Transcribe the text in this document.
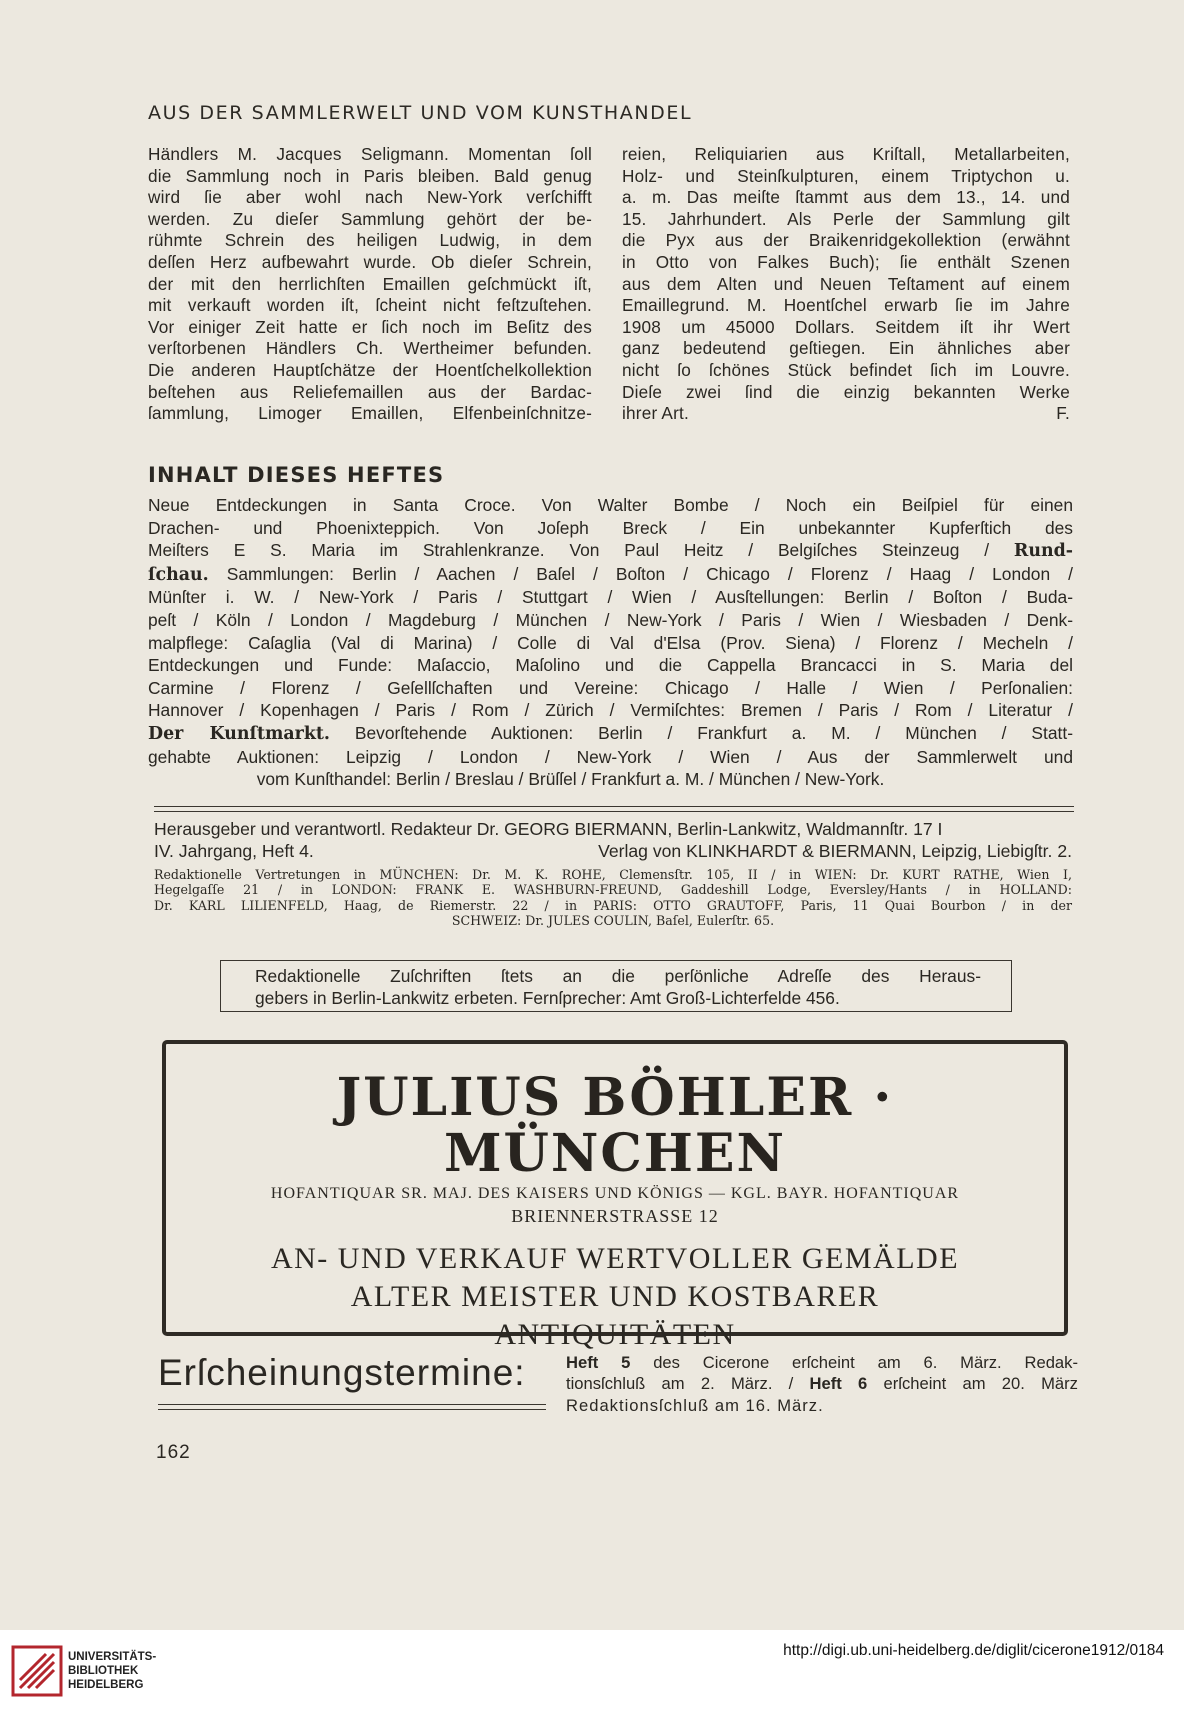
AUS DER SAMMLERWELT UND VOM KUNSTHANDEL
Händlers M. Jacques Seligmann. Momentan ſoll
die Sammlung noch in Paris bleiben. Bald genug
wird ſie aber wohl nach New-York verſchifft
werden. Zu dieſer Sammlung gehört der be-
rühmte Schrein des heiligen Ludwig, in dem
deſſen Herz aufbewahrt wurde. Ob dieſer Schrein,
der mit den herrlichſten Emaillen geſchmückt iſt,
mit verkauft worden iſt, ſcheint nicht feſtzuſtehen.
Vor einiger Zeit hatte er ſich noch im Beſitz des
verſtorbenen Händlers Ch. Wertheimer befunden.
Die anderen Hauptſchätze der Hoentſchelkollektion
beſtehen aus Reliefemaillen aus der Bardac-
ſammlung, Limoger Emaillen, Elfenbeinſchnitze-
reien, Reliquiarien aus Kriſtall, Metallarbeiten,
Holz- und Steinſkulpturen, einem Triptychon u.
a. m. Das meiſte ſtammt aus dem 13., 14. und
15. Jahrhundert. Als Perle der Sammlung gilt
die Pyx aus der Braikenridgekollektion (erwähnt
in Otto von Falkes Buch); ſie enthält Szenen
aus dem Alten und Neuen Teſtament auf einem
Emaillegrund. M. Hoentſchel erwarb ſie im Jahre
1908 um 45000 Dollars. Seitdem iſt ihr Wert
ganz bedeutend geſtiegen. Ein ähnliches aber
nicht ſo ſchönes Stück befindet ſich im Louvre.
Dieſe zwei ſind die einzig bekannten Werke
ihrer Art.	F.
INHALT DIESES HEFTES
Neue Entdeckungen in Santa Croce. Von Walter Bombe / Noch ein Beiſpiel für einen
Drachen- und Phoenixteppich. Von Joſeph Breck / Ein unbekannter Kupferſtich des
Meiſters E S. Maria im Strahlenkranze. Von Paul Heitz / Belgiſches Steinzeug / Rund-
ſchau. Sammlungen: Berlin / Aachen / Baſel / Boſton / Chicago / Florenz / Haag / London /
Münſter i. W. / New-York / Paris / Stuttgart / Wien / Ausſtellungen: Berlin / Boſton / Buda-
peſt / Köln / London / Magdeburg / München / New-York / Paris / Wien / Wiesbaden / Denk-
malpflege: Caſaglia (Val di Marina) / Colle di Val d'Elsa (Prov. Siena) / Florenz / Mecheln /
Entdeckungen und Funde: Maſaccio, Maſolino und die Cappella Brancacci in S. Maria del
Carmine / Florenz / Geſellſchaften und Vereine: Chicago / Halle / Wien / Perſonalien:
Hannover / Kopenhagen / Paris / Rom / Zürich / Vermiſchtes: Bremen / Paris / Rom / Literatur /
Der Kunſtmarkt. Bevorſtehende Auktionen: Berlin / Frankfurt a. M. / München / Statt-
gehabte Auktionen: Leipzig / London / New-York / Wien / Aus der Sammlerwelt und
vom Kunſthandel: Berlin / Breslau / Brüſſel / Frankfurt a. M. / München / New-York.
Herausgeber und verantwortl. Redakteur Dr. GEORG BIERMANN, Berlin-Lankwitz, Waldmannſtr. 17 I
IV. Jahrgang, Heft 4.	Verlag von KLINKHARDT & BIERMANN, Leipzig, Liebigſtr. 2.
Redaktionelle Vertretungen in MÜNCHEN: Dr. M. K. ROHE, Clemensſtr. 105, II / in WIEN: Dr. KURT RATHE, Wien I,
Hegelgaſſe 21 / in LONDON: FRANK E. WASHBURN-FREUND, Gaddeshill Lodge, Eversley/Hants / in HOLLAND:
Dr. KARL LILIENFELD, Haag, de Riemerstr. 22 / in PARIS: OTTO GRAUTOFF, Paris, 11 Quai Bourbon / in der
SCHWEIZ: Dr. JULES COULIN, Baſel, Eulerſtr. 65.
Redaktionelle Zuſchriften ſtets an die perſönliche Adreſſe des Heraus-
gebers in Berlin-Lankwitz erbeten. Fernſprecher: Amt Groß-Lichterfelde 456.
JULIUS BÖHLER · MÜNCHEN
HOFANTIQUAR SR. MAJ. DES KAISERS UND KÖNIGS — KGL. BAYR. HOFANTIQUAR
BRIENNERSTRASSE 12
AN- UND VERKAUF WERTVOLLER GEMÄLDE
ALTER MEISTER UND KOSTBARER
ANTIQUITÄTEN
Erſcheinungstermine: Heft 5 des Cicerone erſcheint am 6. März. Redak-
tionsſchluß am 2. März. / Heft 6 erſcheint am 20. März
Redaktionsſchluß am 16. März.
162
UNIVERSITÄTS-
BIBLIOTHEK
HEIDELBERG
http://digi.ub.uni-heidelberg.de/diglit/cicerone1912/0184
